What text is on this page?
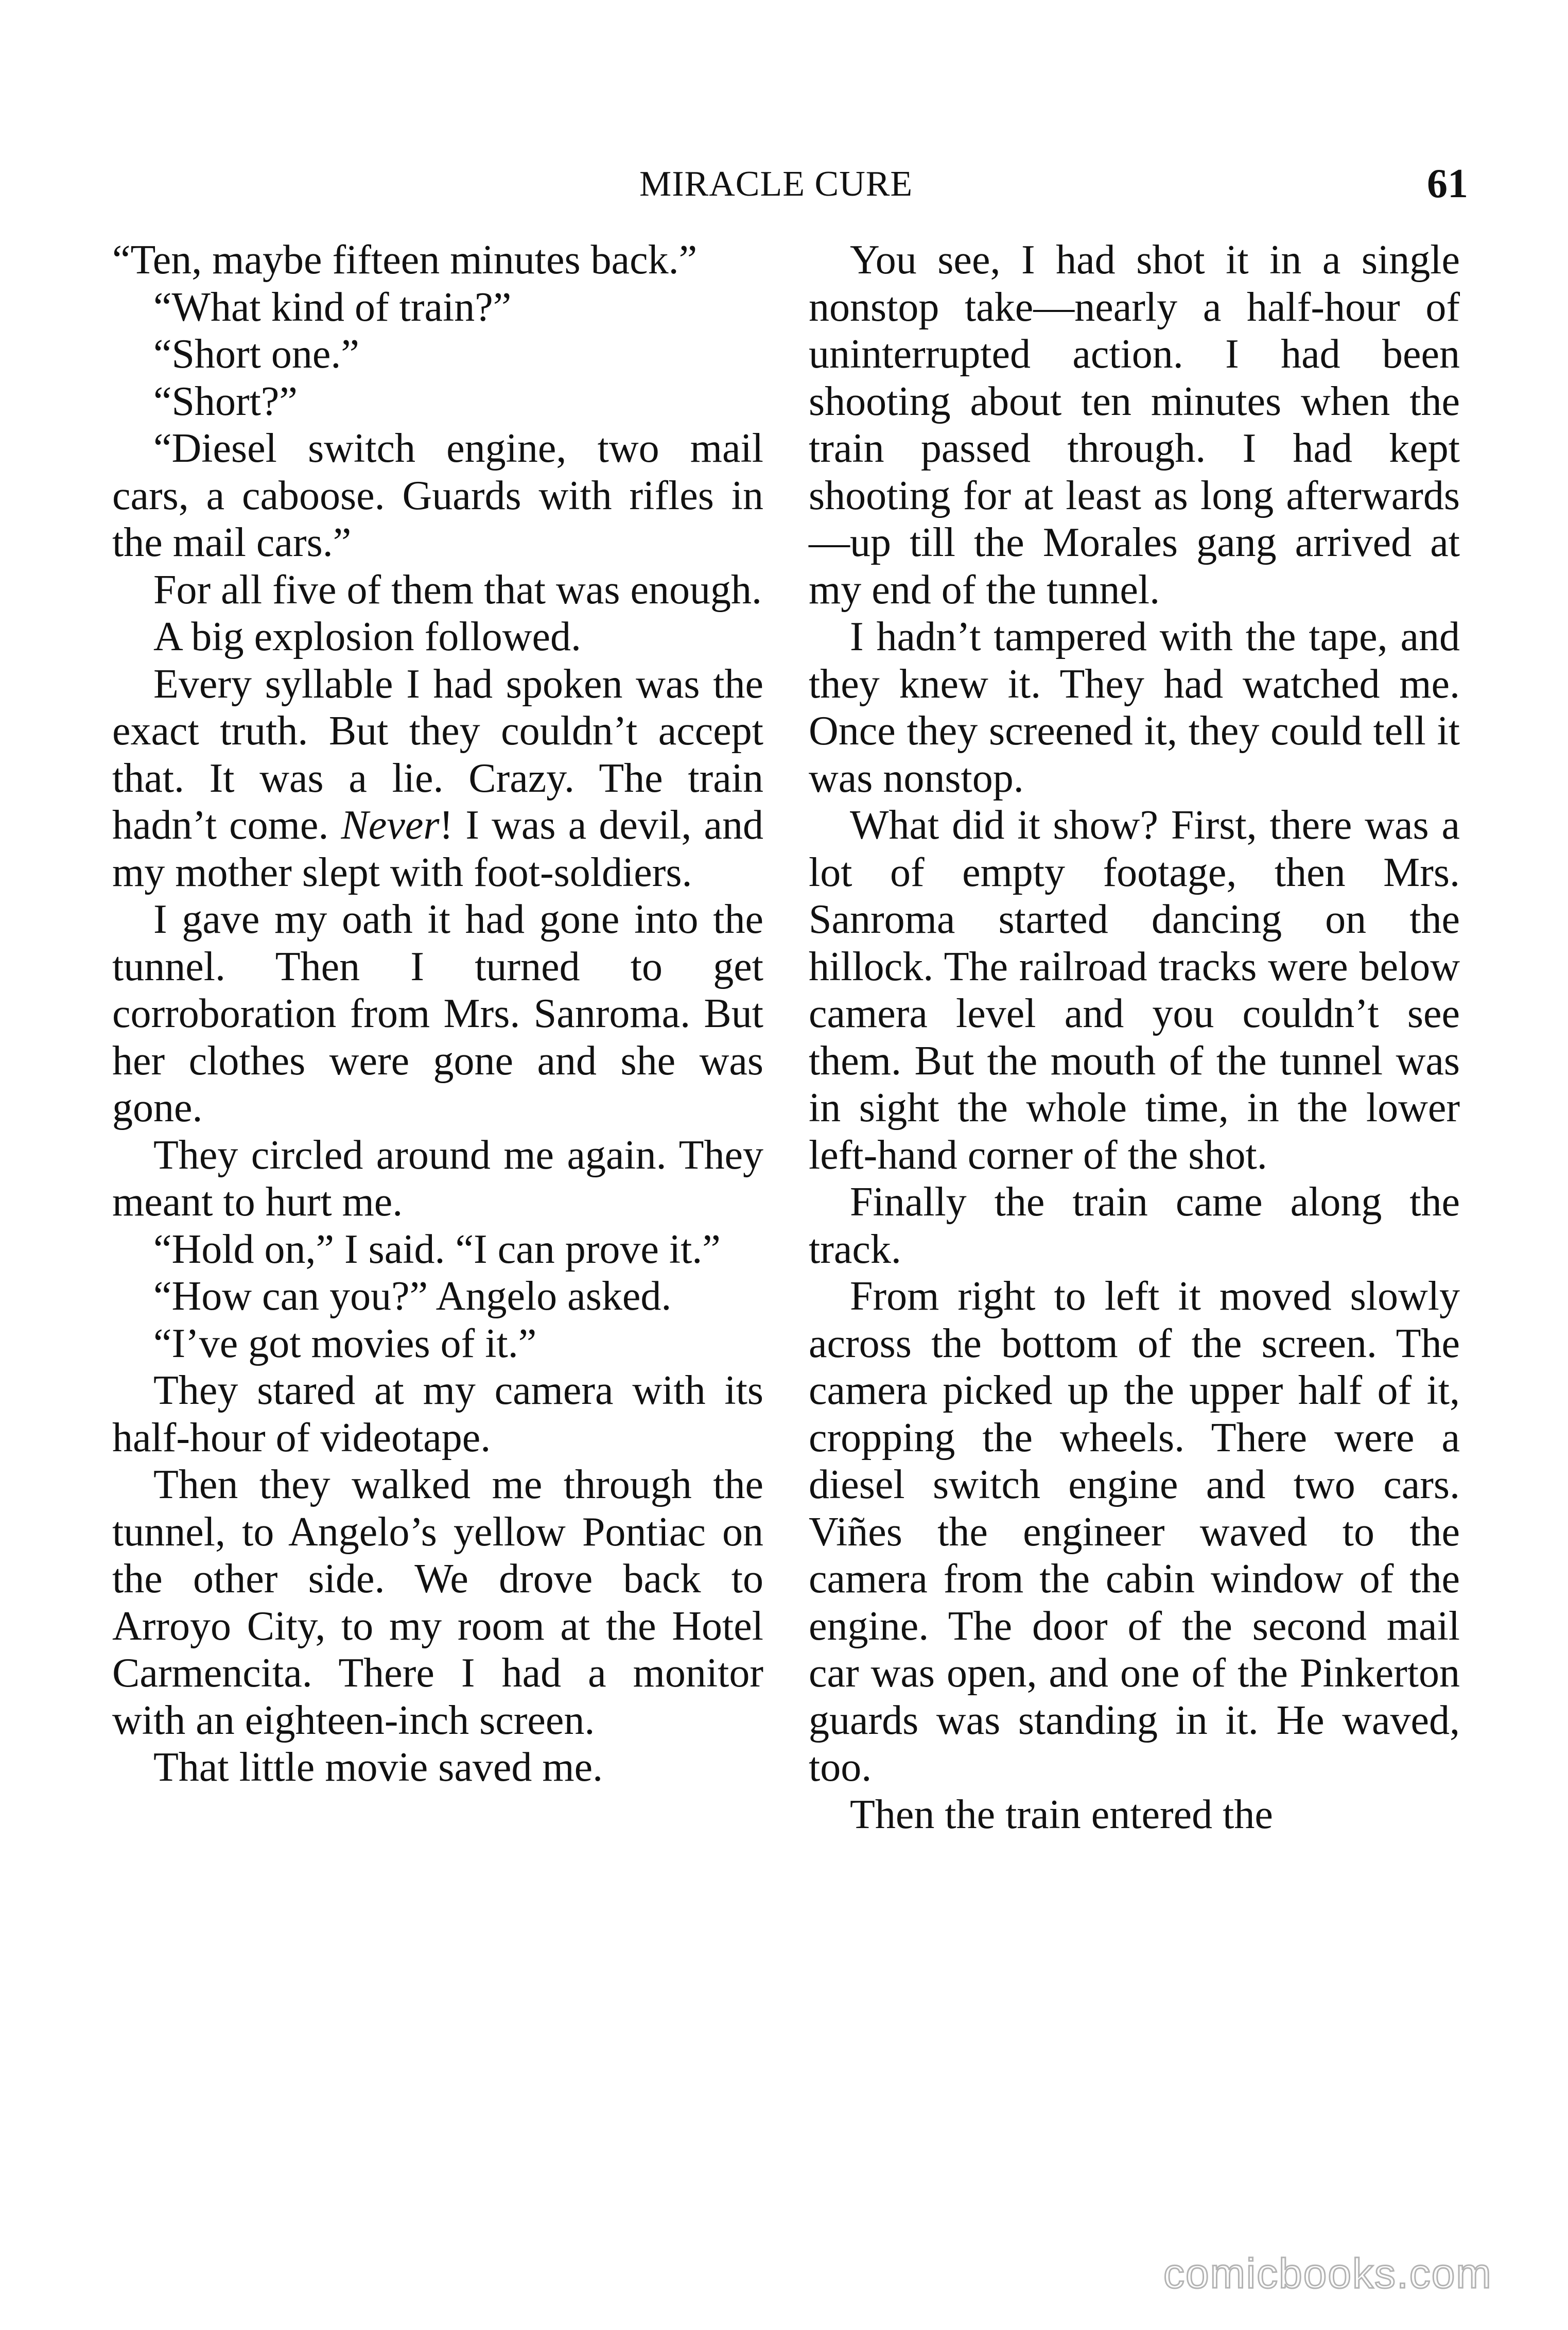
MIRACLE CURE	61

“Ten, maybe fifteen minutes back.”

“What kind of train?”

“Short one.”

“Short?”

“Diesel switch engine, two mail cars, a caboose. Guards with rifles in the mail cars.”

For all five of them that was enough.

A big explosion followed.

Every syllable I had spoken was the exact truth. But they couldn’t accept that. It was a lie. Crazy. The train hadn’t come. Never! I was a devil, and my mother slept with foot-soldiers.

I gave my oath it had gone into the tunnel. Then I turned to get corroboration from Mrs. Sanroma. But her clothes were gone and she was gone.

They circled around me again. They meant to hurt me.

“Hold on,” I said. “I can prove it.”

“How can you?” Angelo asked.

“I’ve got movies of it.”

They stared at my camera with its half-hour of videotape.

Then they walked me through the tunnel, to Angelo’s yellow Pontiac on the other side. We drove back to Arroyo City, to my room at the Hotel Carmencita. There I had a monitor with an eighteen-inch screen.

That little movie saved me.

You see, I had shot it in a single nonstop take—nearly a half-hour of uninterrupted action. I had been shooting about ten minutes when the train passed through. I had kept shooting for at least as long afterwards—up till the Morales gang arrived at my end of the tunnel.

I hadn’t tampered with the tape, and they knew it. They had watched me. Once they screened it, they could tell it was nonstop.

What did it show? First, there was a lot of empty footage, then Mrs. Sanroma started dancing on the hillock. The railroad tracks were below camera level and you couldn’t see them. But the mouth of the tunnel was in sight the whole time, in the lower left-hand corner of the shot.

Finally the train came along the track.

From right to left it moved slowly across the bottom of the screen. The camera picked up the upper half of it, cropping the wheels. There were a diesel switch engine and two cars. Viñes the engineer waved to the camera from the cabin window of the engine. The door of the second mail car was open, and one of the Pinkerton guards was standing in it. He waved, too.

Then the train entered the

comicbooks.com
